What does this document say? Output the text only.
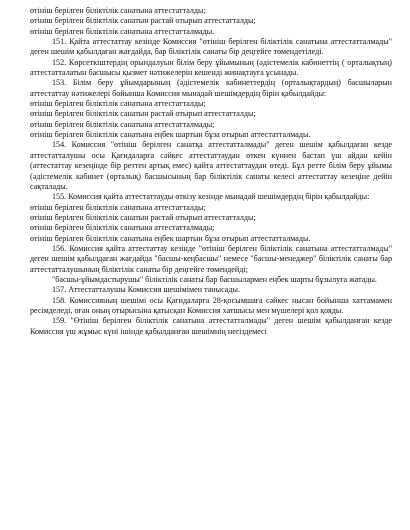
өтініш берілген біліктілік санатына аттестатталды;

өтініш берілген біліктілік санатын растай отырып аттестатталды;

өтініш берілген біліктілік санатына аттестатталмады.

151. Қайта аттестаттау кезінде Комиссия "өтініш берілген біліктілік санатына аттестатталмады" деген шешім қабылдаған жағдайда, бар біліктілік санаты бір деңгейге төмендетіледі.

152. Көрсеткіштердің орындалуын білім беру ұйымының (әдістемелік кабинеттің ( орталықтың) аттестатталатын басшысы қызмет нәтижелерін кешенді жинақтауға ұсынады.

153. Білім беру ұйымдарының (әдістемелік кабинеттердің (орталықтардың) басшыларын аттестаттау нәтижелері бойынша Комиссия мынадай шешімдердің бірін қабылдайды:

өтініш берілген біліктілік санатына аттестатталды;

өтініш берілген біліктілік санатын растай отырып аттестатталды;

өтініш берілген біліктілік санатына аттестатталмады;

өтініш берілген біліктілік санатына еңбек шартын бұза отырып аттестатталмады.

154. Комиссия "өтініш берілген санатқа аттестатталмады" деген шешім қабылдаған кезде аттестатталушы осы Қағидаларға сәйкес аттестаттаудан өткен күннен бастап үш айдан кейін (аттестаттау кезеңінде бір реттен артық емес) қайта аттестаттаудан өтеді. Бұл ретте білім беру ұйымы (әдістемелік кабинет (орталық) басшысының бар біліктілік санаты келесі аттестаттау кезеңіне дейін сақталады.

155. Комиссия қайта аттестаттауды өткізу кезінде мынадай шешімдердің бірін қабылдайды:

өтініш берілген біліктілік санатына аттестатталды;

өтініш берілген біліктілік санатын растай отырып аттестатталды;

өтініш берілген біліктілік санатына аттестатталмады;

өтініш берілген біліктілік санатына еңбек шартын бұза отырып аттестатталмады.

156. Комиссия қайта аттестаттау кезінде "өтініш берілген біліктілік санатына аттестатталмады" деген шешім қабылдаған жағдайда "басшы-кеңбасшы" немесе "басшы-менеджер" біліктілік санаты бар аттестатталушының біліктілік санаты бір деңгейге төмендейді;

"басшы-ұйымдастырушы" біліктілік санаты бар басшылармен еңбек шарты бұзылуға жатады.

157. Аттестатталушы Комиссия шешімімен танысады.

158. Комиссияның шешімі осы Қағидаларға 28-қосымшаға сәйкес нысан бойынша хаттамамен ресімделеді, оған оның отырысына қатысқан Комиссия хатшысы мен мүшелері қол қояды.

159. "Өтініш берілген біліктілік санатына аттестатталмады" деген шешім қабылданған кезде Комиссия үш жұмыс күні ішінде қабылданған шешімнің негіздемесі
